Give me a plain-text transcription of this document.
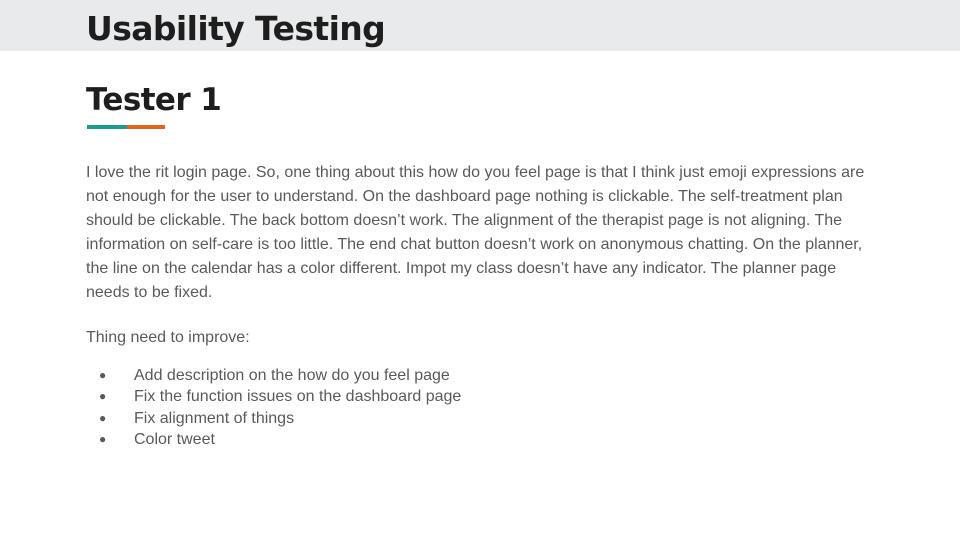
Usability Testing
Tester 1

I love the rit login page. So, one thing about this how do you feel page is that I think just emoji expressions are not enough for the user to understand. On the dashboard page nothing is clickable. The self-treatment plan should be clickable. The back bottom doesn’t work. The alignment of the therapist page is not aligning. The information on self-care is too little. The end chat button doesn’t work on anonymous chatting. On the planner, the line on the calendar has a color different. Impot my class doesn’t have any indicator. The planner page needs to be fixed.

Thing need to improve:

● Add description on the how do you feel page
● Fix the function issues on the dashboard page
● Fix alignment of things
● Color tweet
